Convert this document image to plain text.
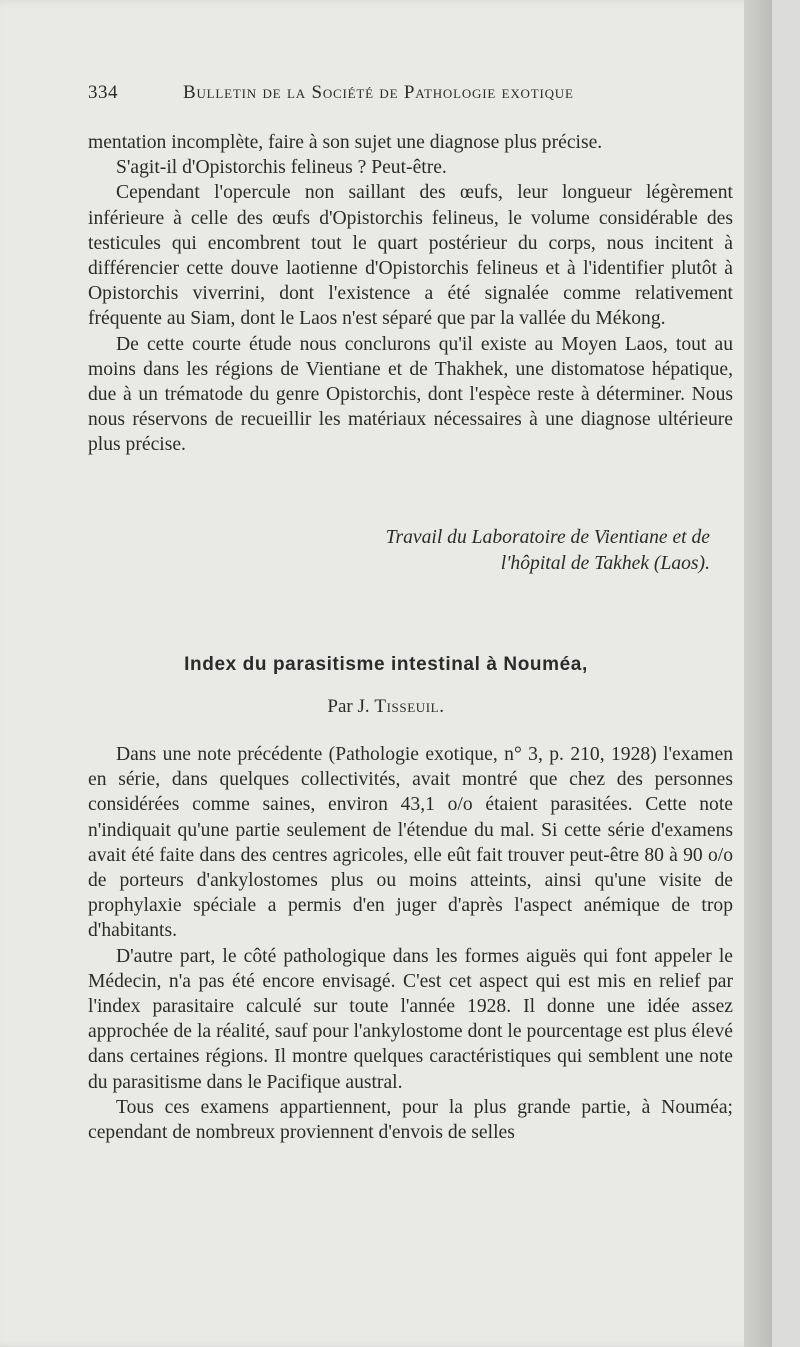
334	Bulletin de la Société de Pathologie exotique

mentation incomplète, faire à son sujet une diagnose plus précise.

S'agit-il d'Opistorchis felineus ? Peut-être.

Cependant l'opercule non saillant des œufs, leur longueur légèrement inférieure à celle des œufs d'Opistorchis felineus, le volume considérable des testicules qui encombrent tout le quart postérieur du corps, nous incitent à différencier cette douve laotienne d'Opistorchis felineus et à l'identifier plutôt à Opistorchis viverrini, dont l'existence a été signalée comme relativement fréquente au Siam, dont le Laos n'est séparé que par la vallée du Mékong.

De cette courte étude nous conclurons qu'il existe au Moyen Laos, tout au moins dans les régions de Vientiane et de Thakhek, une distomatose hépatique, due à un trématode du genre Opistorchis, dont l'espèce reste à déterminer. Nous nous réservons de recueillir les matériaux nécessaires à une diagnose ultérieure plus précise.

Travail du Laboratoire de Vientiane et de
l'hôpital de Takhek (Laos).
Index du parasitisme intestinal à Nouméa,
Par J. Tisseuil.

Dans une note précédente (Pathologie exotique, n° 3, p. 210, 1928) l'examen en série, dans quelques collectivités, avait montré que chez des personnes considérées comme saines, environ 43,1 o/o étaient parasitées. Cette note n'indiquait qu'une partie seulement de l'étendue du mal. Si cette série d'examens avait été faite dans des centres agricoles, elle eût fait trouver peut-être 80 à 90 o/o de porteurs d'ankylostomes plus ou moins atteints, ainsi qu'une visite de prophylaxie spéciale a permis d'en juger d'après l'aspect anémique de trop d'habitants.

D'autre part, le côté pathologique dans les formes aiguës qui font appeler le Médecin, n'a pas été encore envisagé. C'est cet aspect qui est mis en relief par l'index parasitaire calculé sur toute l'année 1928. Il donne une idée assez approchée de la réalité, sauf pour l'ankylostome dont le pourcentage est plus élevé dans certaines régions. Il montre quelques caractéristiques qui semblent une note du parasitisme dans le Pacifique austral.

Tous ces examens appartiennent, pour la plus grande partie, à Nouméa; cependant de nombreux proviennent d'envois de selles
